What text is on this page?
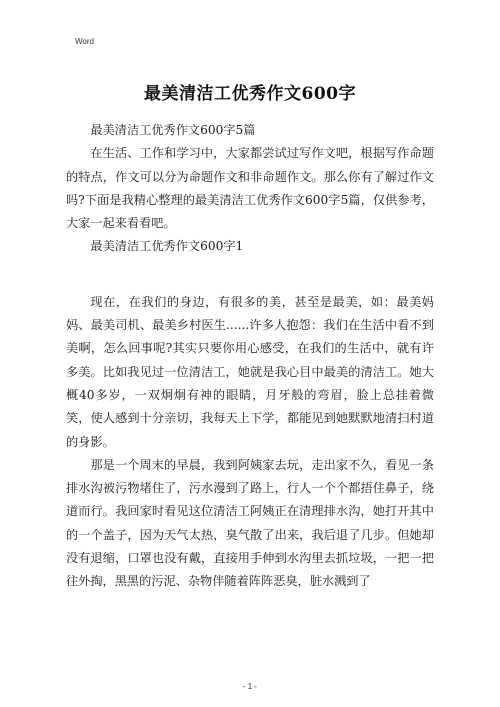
Word
最美清洁工优秀作文600字

最美清洁工优秀作文600字5篇

在生活、工作和学习中，大家都尝试过写作文吧，根据写作命题的特点，作文可以分为命题作文和非命题作文。那么你有了解过作文吗?下面是我精心整理的最美清洁工优秀作文600字5篇，仅供参考，大家一起来看看吧。

最美清洁工优秀作文600字1

现在，在我们的身边，有很多的美，甚至是最美，如：最美妈妈、最美司机、最美乡村医生......许多人抱怨：我们在生活中看不到美啊，怎么回事呢?其实只要你用心感受，在我们的生活中，就有许多美。比如我见过一位清洁工，她就是我心目中最美的清洁工。她大概40多岁，一双炯炯有神的眼睛，月牙般的弯眉，脸上总挂着微笑，使人感到十分亲切，我每天上下学，都能见到她默默地清扫村道的身影。

那是一个周末的早晨，我到阿姨家去玩，走出家不久，看见一条排水沟被污物堵住了，污水漫到了路上，行人一个个都捂住鼻子，绕道而行。我回家时看见这位清洁工阿姨正在清理排水沟，她打开其中的一个盖子，因为天气太热，臭气散了出来，我后退了几步。但她却没有退缩，口罩也没有戴，直接用手伸到水沟里去抓垃圾，一把一把往外掏，黑黑的污泥、杂物伴随着阵阵恶臭，脏水溅到了

- 1 -
